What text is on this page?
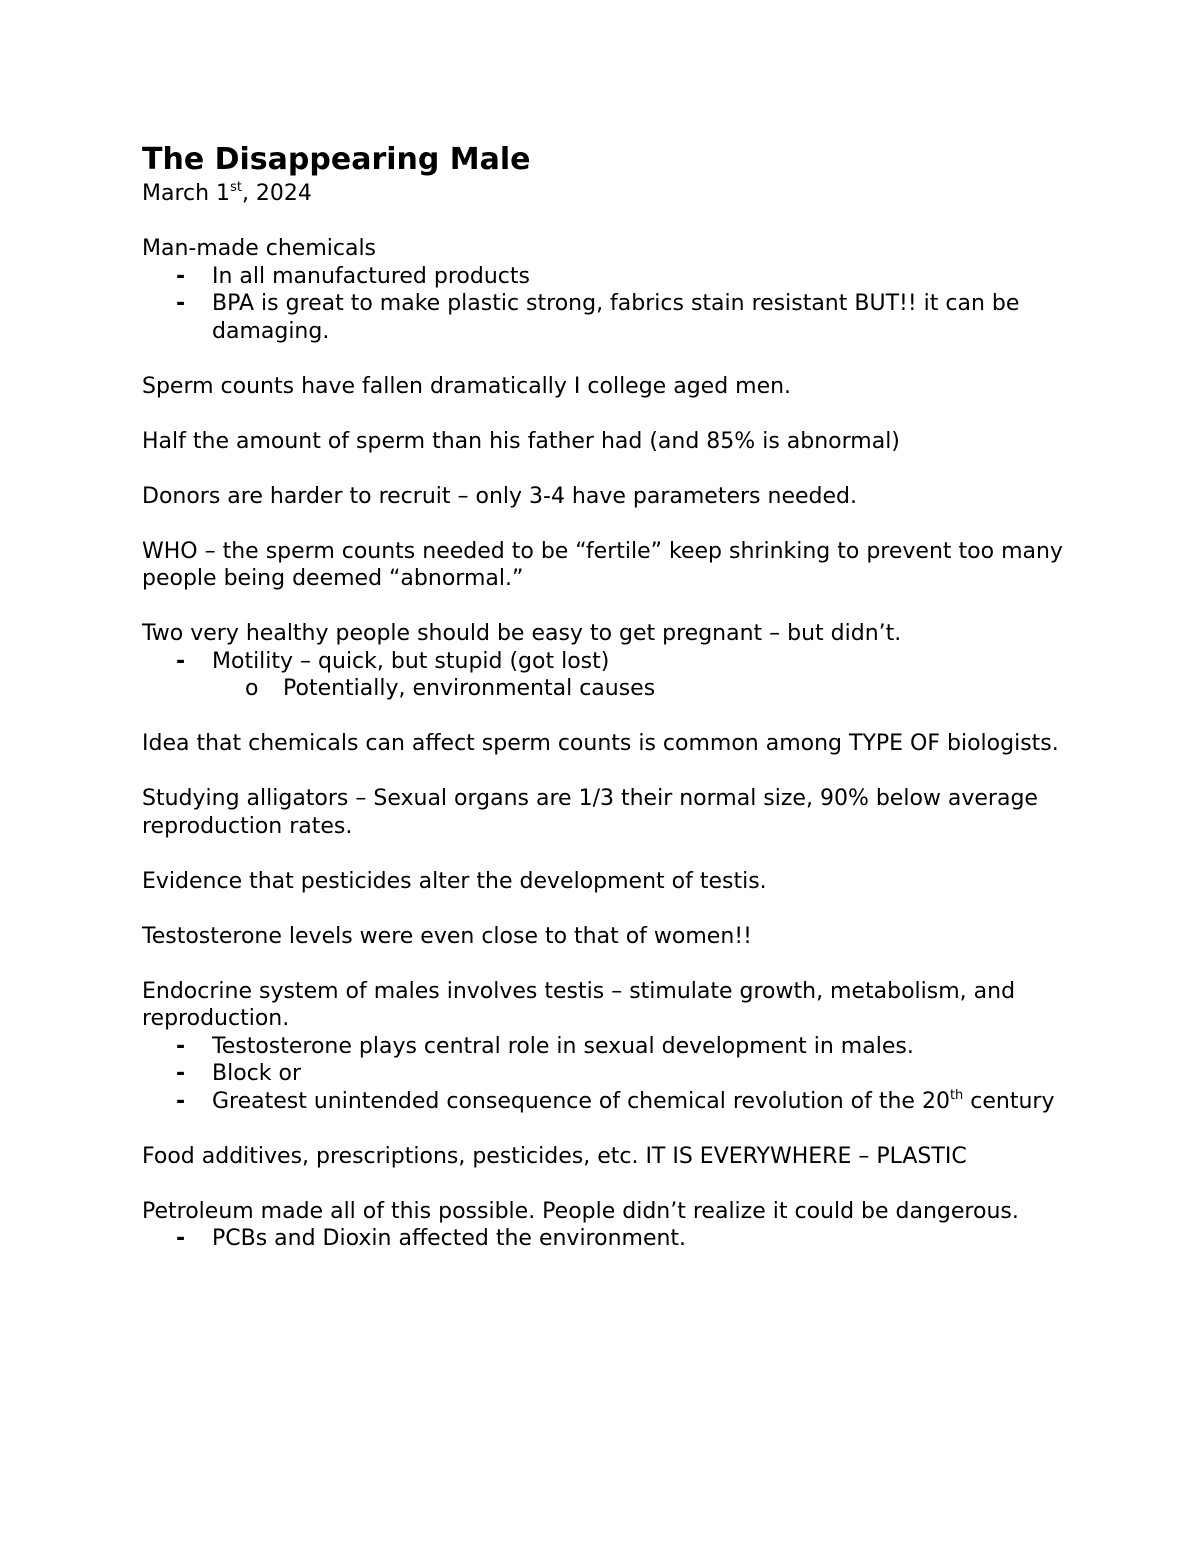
The Disappearing Male

March 1st, 2024

Man-made chemicals

- In all manufactured products
- BPA is great to make plastic strong, fabrics stain resistant BUT!! it can be damaging.

Sperm counts have fallen dramatically I college aged men.

Half the amount of sperm than his father had (and 85% is abnormal)

Donors are harder to recruit – only 3-4 have parameters needed.

WHO – the sperm counts needed to be “fertile” keep shrinking to prevent too many people being deemed “abnormal.”

Two very healthy people should be easy to get pregnant – but didn’t.

- Motility – quick, but stupid (got lost)
o Potentially, environmental causes

Idea that chemicals can affect sperm counts is common among TYPE OF biologists.

Studying alligators – Sexual organs are 1/3 their normal size, 90% below average reproduction rates.

Evidence that pesticides alter the development of testis.

Testosterone levels were even close to that of women!!

Endocrine system of males involves testis – stimulate growth, metabolism, and reproduction.

- Testosterone plays central role in sexual development in males.
- Block or
- Greatest unintended consequence of chemical revolution of the 20th century

Food additives, prescriptions, pesticides, etc. IT IS EVERYWHERE – PLASTIC

Petroleum made all of this possible. People didn’t realize it could be dangerous.

- PCBs and Dioxin affected the environment.
